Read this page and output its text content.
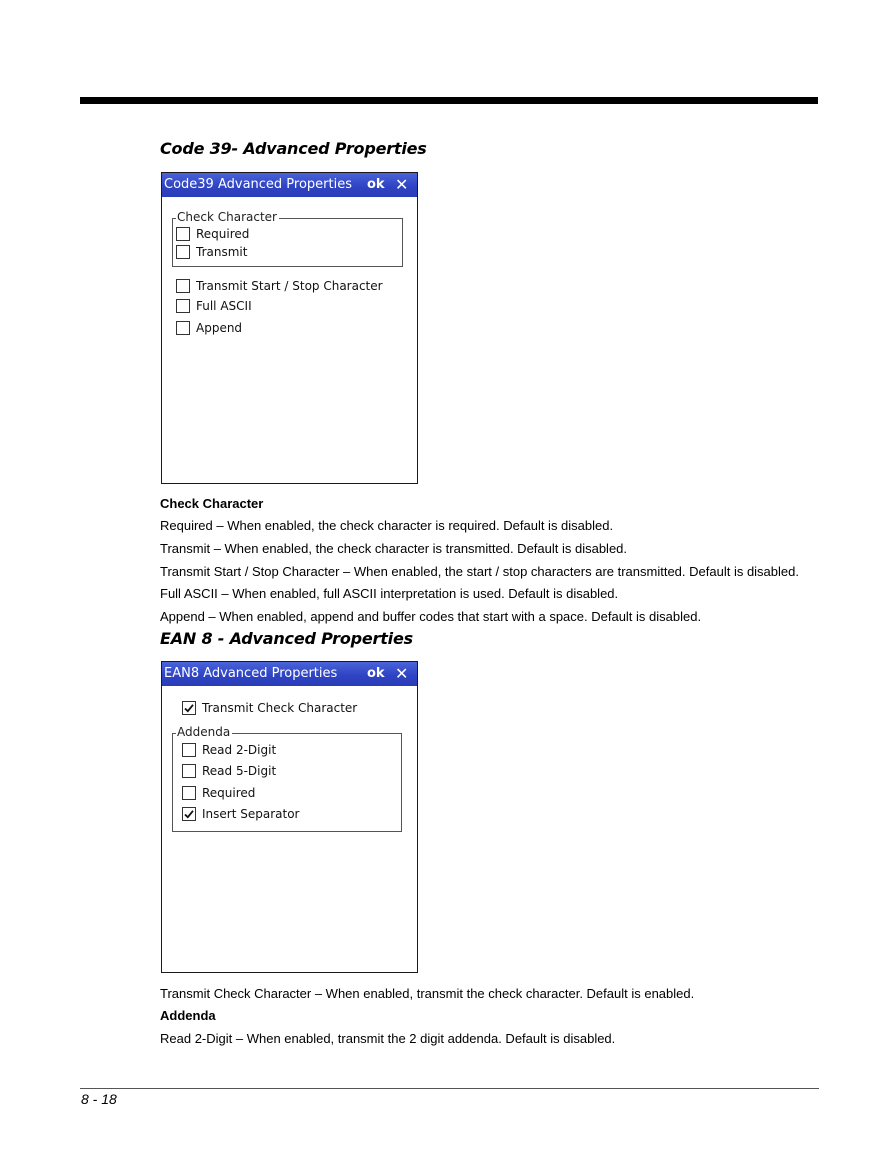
Code 39- Advanced Properties
Code39 Advanced Properties ok ✕
Check Character
Required
Transmit
Transmit Start / Stop Character
Full ASCII
Append

Check Character

Required – When enabled, the check character is required. Default is disabled.

Transmit – When enabled, the check character is transmitted. Default is disabled.

Transmit Start / Stop Character – When enabled, the start / stop characters are transmitted. Default is disabled.

Full ASCII – When enabled, full ASCII interpretation is used. Default is disabled.

Append – When enabled, append and buffer codes that start with a space. Default is disabled.

EAN 8 - Advanced Properties
EAN8 Advanced Properties ok ✕
Transmit Check Character
Addenda
Read 2-Digit
Read 5-Digit
Required
Insert Separator

Transmit Check Character – When enabled, transmit the check character. Default is enabled.

Addenda

Read 2-Digit – When enabled, transmit the 2 digit addenda. Default is disabled.

8 - 18
